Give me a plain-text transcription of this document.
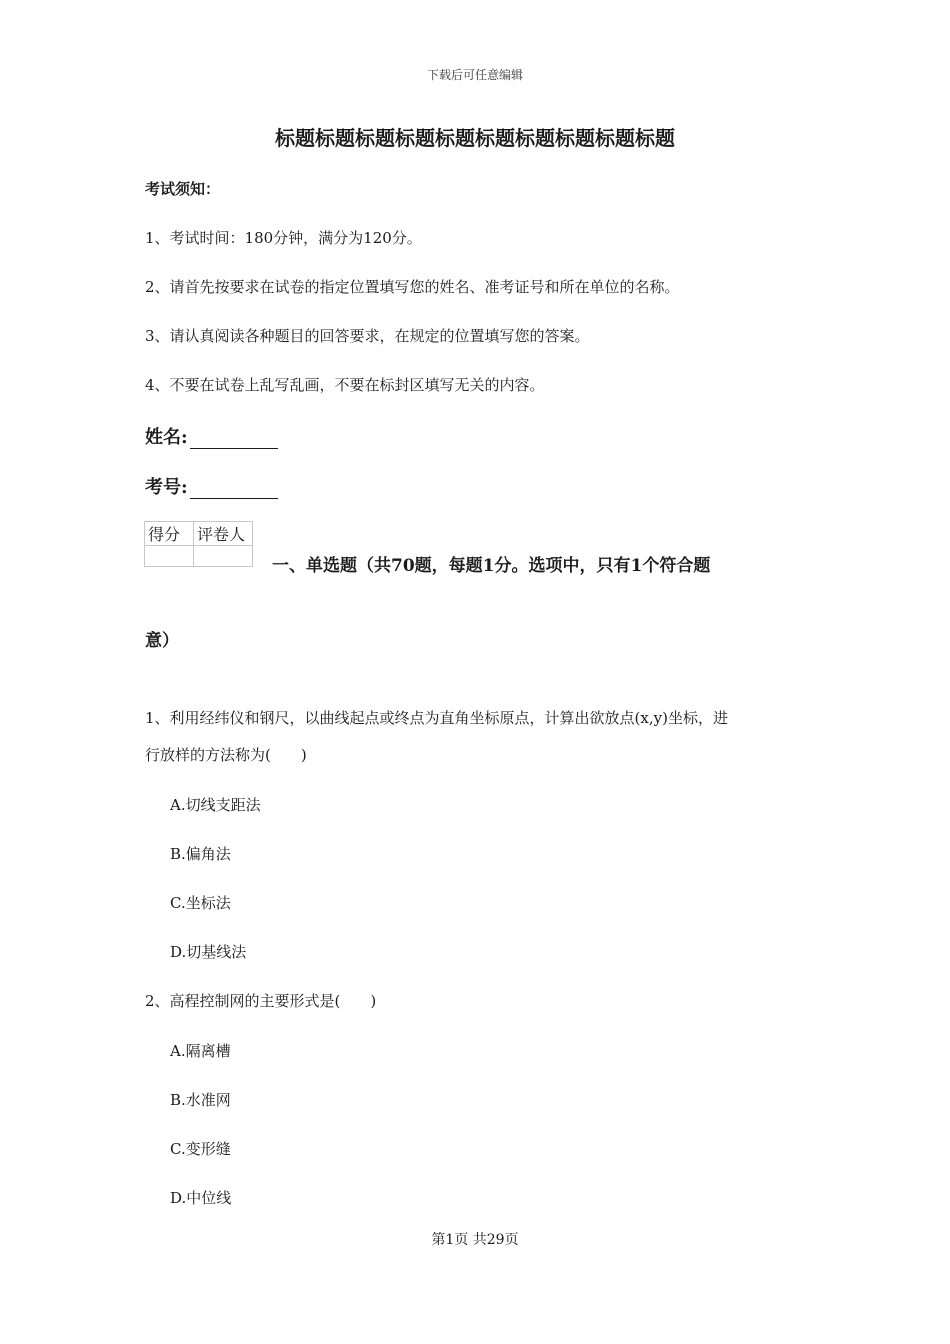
下载后可任意编辑
标题标题标题标题标题标题标题标题标题标题
考试须知：
1、考试时间：180分钟，满分为120分。
2、请首先按要求在试卷的指定位置填写您的姓名、准考证号和所在单位的名称。
3、请认真阅读各种题目的回答要求，在规定的位置填写您的答案。
4、不要在试卷上乱写乱画，不要在标封区填写无关的内容。
姓名:
考号:
得分	评卷人

一、单选题（共70题，每题1分。选项中，只有1个符合题
意）
1、利用经纬仪和钢尺，以曲线起点或终点为直角坐标原点，计算出欲放点(x,y)坐标，进
行放样的方法称为(　　)
A.切线支距法
B.偏角法
C.坐标法
D.切基线法
2、高程控制网的主要形式是(　　)
A.隔离槽
B.水准网
C.变形缝
D.中位线
第1页 共29页
